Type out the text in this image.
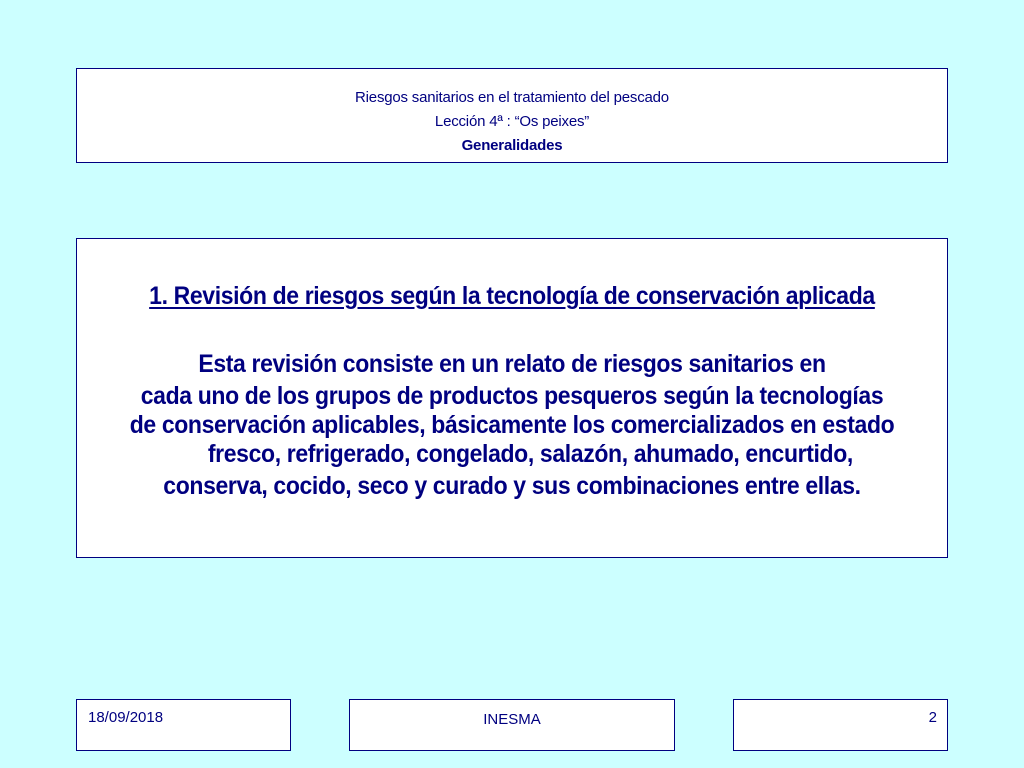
Riesgos sanitarios en el tratamiento del pescado
Lección 4ª : “Os peixes”
Generalidades
1. Revisión de riesgos según la tecnología de conservación aplicada
Esta revisión consiste en un relato de riesgos sanitarios en
cada uno de los grupos de productos pesqueros según la tecnologías
de conservación aplicables, básicamente los comercializados en estado
fresco, refrigerado, congelado, salazón, ahumado, encurtido,
conserva, cocido, seco y curado y sus combinaciones entre ellas.
18/09/2018	INESMA	2
